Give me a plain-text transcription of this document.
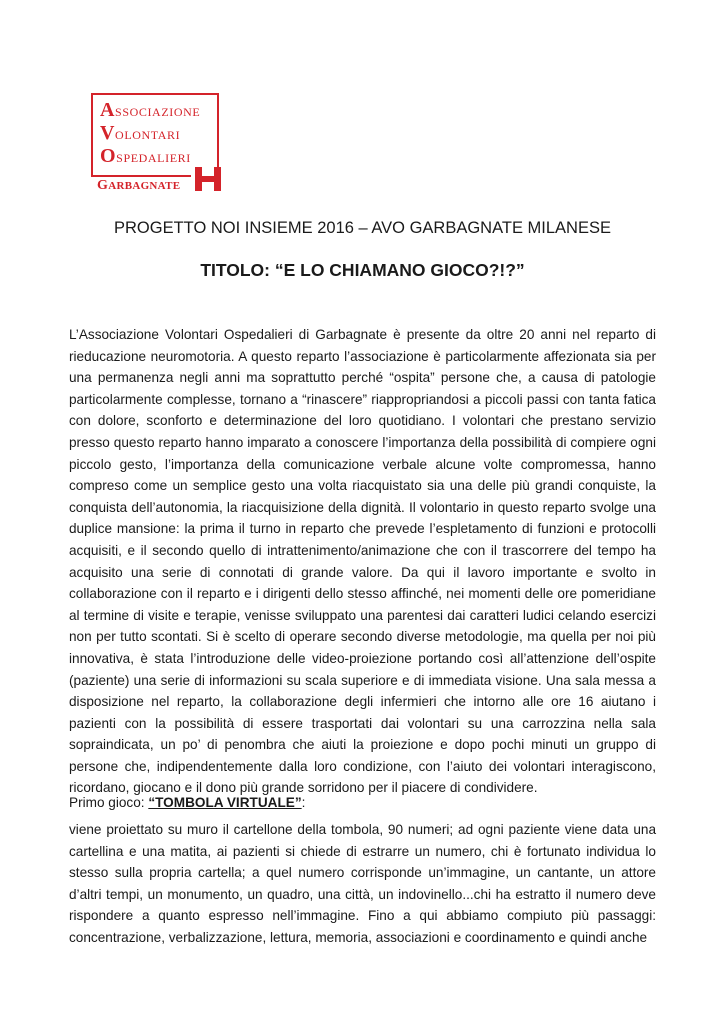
ASSOCIAZIONE
VOLONTARI
OSPEDALIERI
GARBAGNATE
PROGETTO NOI INSIEME 2016 – AVO GARBAGNATE MILANESE
TITOLO: “E LO CHIAMANO GIOCO?!?”
L’Associazione Volontari Ospedalieri di Garbagnate è presente da oltre 20 anni nel reparto di rieducazione neuromotoria. A questo reparto l’associazione è particolarmente affezionata sia per una permanenza negli anni ma soprattutto perché “ospita” persone che, a causa di patologie particolarmente complesse, tornano a “rinascere” riappropriandosi a piccoli passi con tanta fatica con dolore, sconforto e determinazione del loro quotidiano. I volontari che prestano servizio presso questo reparto hanno imparato a conoscere l’importanza della possibilità di compiere ogni piccolo gesto, l’importanza della comunicazione verbale alcune volte compromessa, hanno compreso come un semplice gesto una volta riacquistato sia una delle più grandi conquiste, la conquista dell’autonomia, la riacquisizione della dignità. Il volontario in questo reparto svolge una duplice mansione: la prima il turno in reparto che prevede l’espletamento di funzioni e protocolli acquisiti, e il secondo quello di intrattenimento/animazione che con il trascorrere del tempo ha acquisito una serie di connotati di grande valore. Da qui il lavoro importante e svolto in collaborazione con il reparto e i dirigenti dello stesso affinché, nei momenti delle ore pomeridiane al termine di visite e terapie, venisse sviluppato una parentesi dai caratteri ludici celando esercizi non per tutto scontati. Si è scelto di operare secondo diverse metodologie, ma quella per noi più innovativa, è stata l’introduzione delle video-proiezione portando così all’attenzione dell’ospite (paziente) una serie di informazioni su scala superiore e di immediata visione. Una sala messa a disposizione nel reparto, la collaborazione degli infermieri che intorno alle ore 16 aiutano i pazienti con la possibilità di essere trasportati dai volontari su una carrozzina nella sala sopraindicata, un po’ di penombra che aiuti la proiezione e dopo pochi minuti un gruppo di persone che, indipendentemente dalla loro condizione, con l’aiuto dei volontari interagiscono, ricordano, giocano e il dono più grande sorridono per il piacere di condividere.
Primo gioco: “TOMBOLA VIRTUALE”:
viene proiettato su muro il cartellone della tombola, 90 numeri; ad ogni paziente viene data una cartellina e una matita, ai pazienti si chiede di estrarre un numero, chi è fortunato individua lo stesso sulla propria cartella; a quel numero corrisponde un’immagine, un cantante, un attore d’altri tempi, un monumento, un quadro, una città, un indovinello...chi ha estratto il numero deve rispondere a quanto espresso nell’immagine. Fino a qui abbiamo compiuto più passaggi: concentrazione, verbalizzazione, lettura, memoria, associazioni e coordinamento e quindi anche
